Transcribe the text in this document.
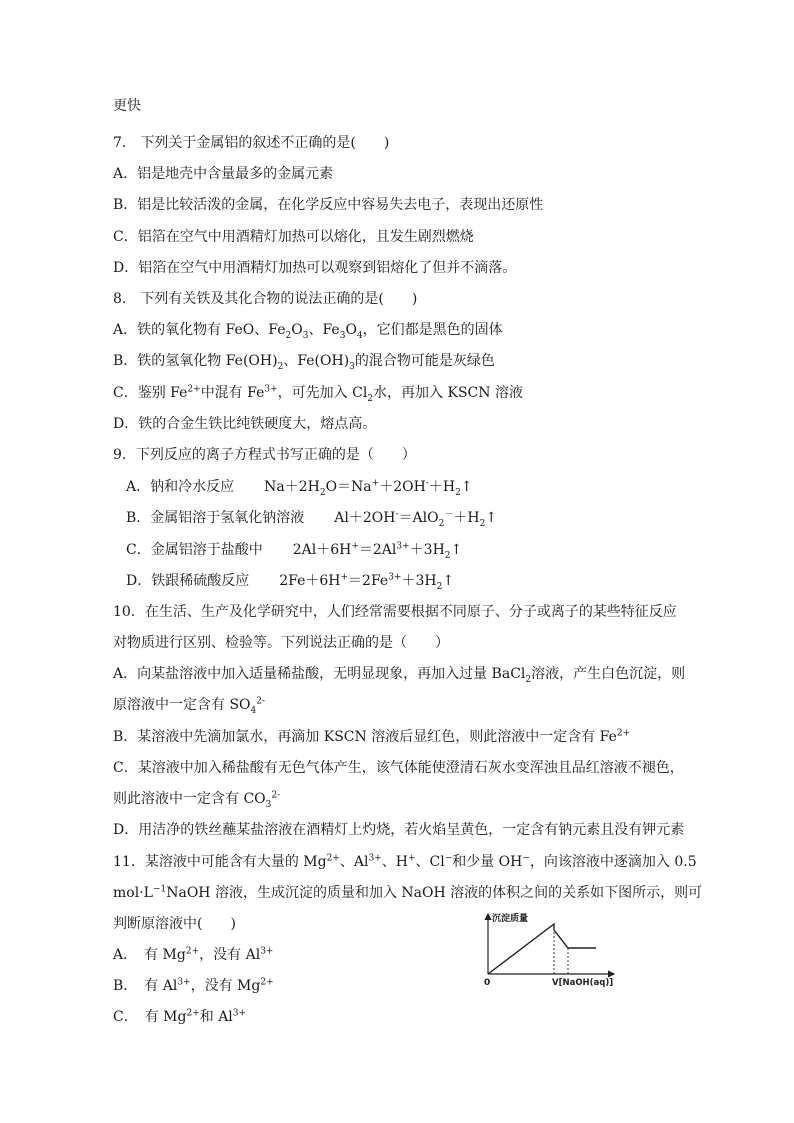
更快
7． 下列关于金属铝的叙述不正确的是(　　)
A．铝是地壳中含量最多的金属元素
B．铝是比较活泼的金属，在化学反应中容易失去电子，表现出还原性
C．铝箔在空气中用酒精灯加热可以熔化，且发生剧烈燃烧
D．铝箔在空气中用酒精灯加热可以观察到铝熔化了但并不滴落。
8． 下列有关铁及其化合物的说法正确的是(　　)
A．铁的氧化物有 FeO、$Fe_2O_3$、$Fe_3O_4$，它们都是黑色的固体
B．铁的氢氧化物 $Fe(OH)_2$、$Fe(OH)_3$的混合物可能是灰绿色
C．鉴别 $Fe^{2+}$中混有 $Fe^{3+}$，可先加入 $Cl_2$水，再加入 KSCN 溶液
D．铁的合金生铁比纯铁硬度大，熔点高。
9．下列反应的离子方程式书写正确的是（　　）
A．钠和冷水反应 $Na+2H_2O=Na^++2OH^-+H_2↑$
B．金属铝溶于氢氧化钠溶液 $Al+2OH^-=AlO_2^-+H_2↑$
C．金属铝溶于盐酸中 $2Al+6H^+=2Al^{3+}+3H_2↑$
D．铁跟稀硫酸反应 $2Fe+6H^+=2Fe^{3+}+3H_2↑$
10．在生活、生产及化学研究中，人们经常需要根据不同原子、分子或离子的某些特征反应
对物质进行区别、检验等。下列说法正确的是（　　）
A．向某盐溶液中加入适量稀盐酸，无明显现象，再加入过量 BaCl$_2$溶液，产生白色沉淀，则
原溶液中一定含有 $SO_4^{2-}$
B．某溶液中先滴加氯水，再滴加 KSCN 溶液后显红色，则此溶液中一定含有 $Fe^{2+}$
C．某溶液中加入稀盐酸有无色气体产生，该气体能使澄清石灰水变浑浊且品红溶液不褪色，
则此溶液中一定含有 $CO_3^{2-}$
D．用洁净的铁丝蘸某盐溶液在酒精灯上灼烧，若火焰呈黄色，一定含有钠元素且没有钾元素
11．某溶液中可能含有大量的 $Mg^{2+}$、$Al^{3+}$、H+、Cl−和少量 OH−，向该溶液中逐滴加入 0.5
$mol\cdot L^{-1}NaOH$ 溶液，生成沉淀的质量和加入 NaOH 溶液的体积之间的关系如下图所示，则可
判断原溶液中(　　)
A．　有 $Mg^{2+}$，没有 $Al^{3+}$
B．　有 $Al^{3+}$，没有 $Mg^{2+}$
C．　有 $Mg^{2+}$和 $Al^{3+}$
沉淀质量
0	V[NaOH(aq)]
